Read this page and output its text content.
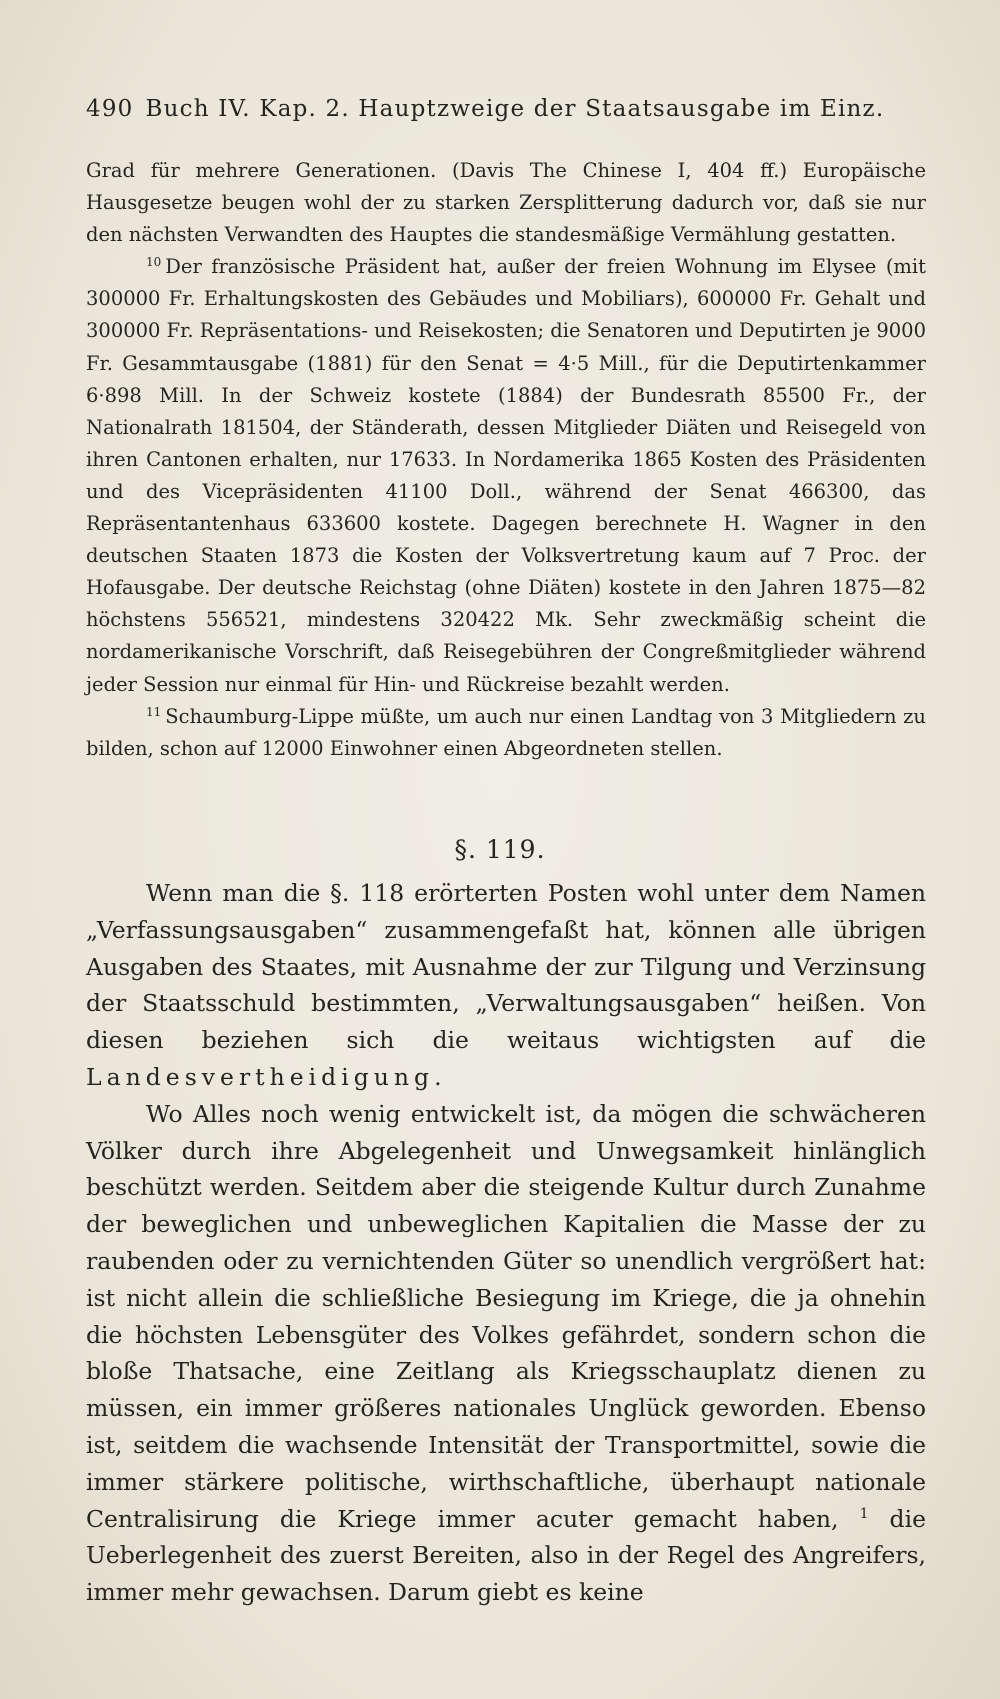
490 Buch IV. Kap. 2. Hauptzweige der Staatsausgabe im Einz.

Grad für mehrere Generationen. (Davis The Chinese I, 404 ff.) Europäische Hausgesetze beugen wohl der zu starken Zersplitterung dadurch vor, daß sie nur den nächsten Verwandten des Hauptes die standesmäßige Vermählung gestatten.

$^{10}$ Der französische Präsident hat, außer der freien Wohnung im Elysee (mit 300000 Fr. Erhaltungskosten des Gebäudes und Mobiliars), 600000 Fr. Gehalt und 300000 Fr. Repräsentations- und Reisekosten; die Senatoren und Deputirten je 9000 Fr. Gesammtausgabe (1881) für den Senat = 4·5 Mill., für die Deputirtenkammer 6·898 Mill. In der Schweiz kostete (1884) der Bundesrath 85500 Fr., der Nationalrath 181504, der Ständerath, dessen Mitglieder Diäten und Reisegeld von ihren Cantonen erhalten, nur 17633. In Nordamerika 1865 Kosten des Präsidenten und des Vicepräsidenten 41100 Doll., während der Senat 466300, das Repräsentantenhaus 633600 kostete. Dagegen berechnete H. Wagner in den deutschen Staaten 1873 die Kosten der Volksvertretung kaum auf 7 Proc. der Hofausgabe. Der deutsche Reichstag (ohne Diäten) kostete in den Jahren 1875—82 höchstens 556521, mindestens 320422 Mk. Sehr zweckmäßig scheint die nordamerikanische Vorschrift, daß Reisegebühren der Congreßmitglieder während jeder Session nur einmal für Hin- und Rückreise bezahlt werden.

$^{11}$ Schaumburg-Lippe müßte, um auch nur einen Landtag von 3 Mitgliedern zu bilden, schon auf 12000 Einwohner einen Abgeordneten stellen.

§. 119.

Wenn man die §. 118 erörterten Posten wohl unter dem Namen „Verfassungsausgaben“ zusammengefaßt hat, können alle übrigen Ausgaben des Staates, mit Ausnahme der zur Tilgung und Verzinsung der Staatsschuld bestimmten, „Verwaltungsausgaben“ heißen. Von diesen beziehen sich die weitaus wichtigsten auf die Landesvertheidigung.

Wo Alles noch wenig entwickelt ist, da mögen die schwächeren Völker durch ihre Abgelegenheit und Unwegsamkeit hinlänglich beschützt werden. Seitdem aber die steigende Kultur durch Zunahme der beweglichen und unbeweglichen Kapitalien die Masse der zu raubenden oder zu vernichtenden Güter so unendlich vergrößert hat: ist nicht allein die schließliche Besiegung im Kriege, die ja ohnehin die höchsten Lebensgüter des Volkes gefährdet, sondern schon die bloße Thatsache, eine Zeitlang als Kriegsschauplatz dienen zu müssen, ein immer größeres nationales Unglück geworden. Ebenso ist, seitdem die wachsende Intensität der Transportmittel, sowie die immer stärkere politische, wirthschaftliche, überhaupt nationale Centralisirung die Kriege immer acuter gemacht haben, $^1$ die Ueberlegenheit des zuerst Bereiten, also in der Regel des Angreifers, immer mehr gewachsen. Darum giebt es keine
